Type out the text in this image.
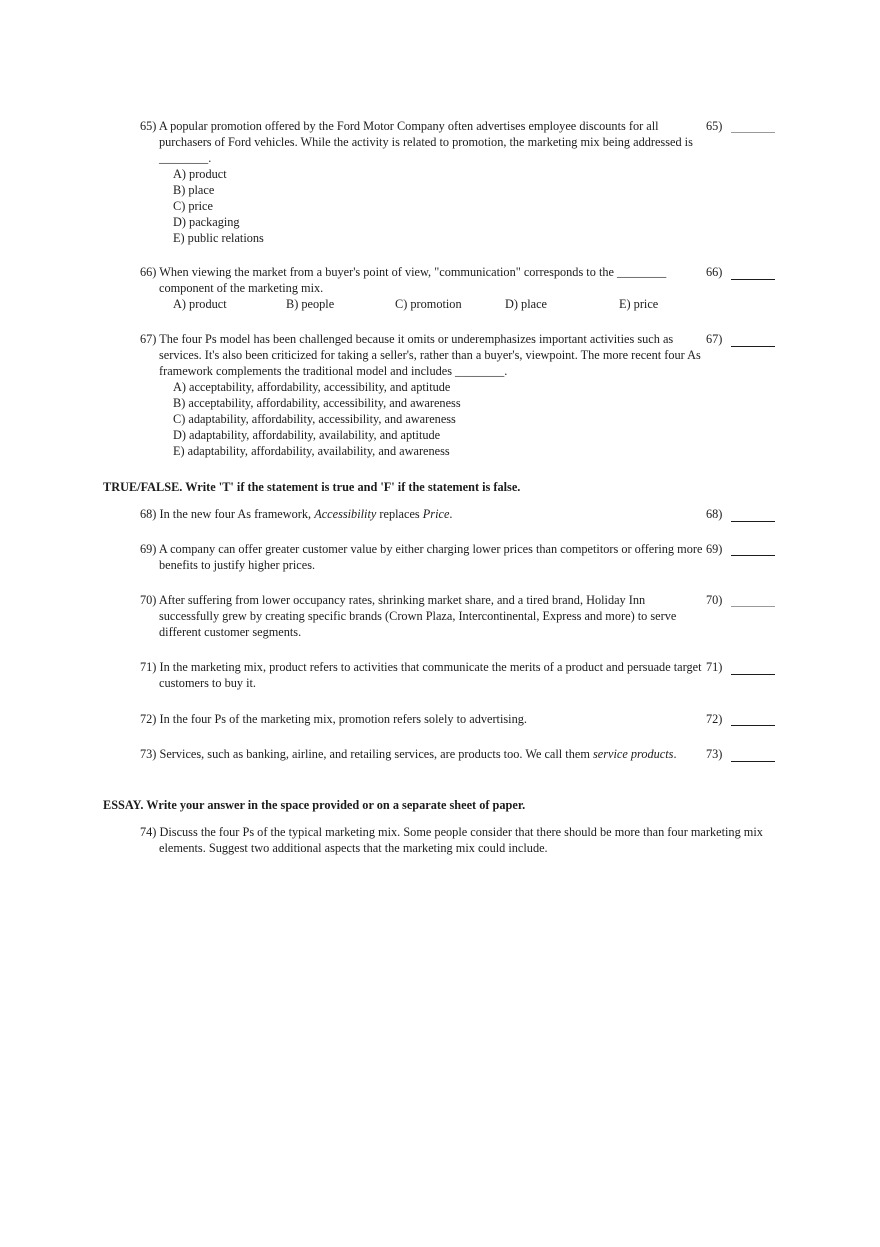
65) A popular promotion offered by the Ford Motor Company often advertises employee discounts for all purchasers of Ford vehicles. While the activity is related to promotion, the marketing mix being addressed is ________.
A) product
B) place
C) price
D) packaging
E) public relations
65)
66) When viewing the market from a buyer's point of view, "communication" corresponds to the ________ component of the marketing mix.
A) product	B) people	C) promotion	D) place	E) price
66)
67) The four Ps model has been challenged because it omits or underemphasizes important activities such as services. It's also been criticized for taking a seller's, rather than a buyer's, viewpoint. The more recent four As framework complements the traditional model and includes ________.
A) acceptability, affordability, accessibility, and aptitude
B) acceptability, affordability, accessibility, and awareness
C) adaptability, affordability, accessibility, and awareness
D) adaptability, affordability, availability, and aptitude
E) adaptability, affordability, availability, and awareness
67)
TRUE/FALSE. Write 'T' if the statement is true and 'F' if the statement is false.
68) In the new four As framework, Accessibility replaces Price.	68)
69) A company can offer greater customer value by either charging lower prices than competitors or offering more benefits to justify higher prices.
69)
70) After suffering from lower occupancy rates, shrinking market share, and a tired brand, Holiday Inn successfully grew by creating specific brands (Crown Plaza, Intercontinental, Express and more) to serve different customer segments.
70)
71) In the marketing mix, product refers to activities that communicate the merits of a product and persuade target customers to buy it.
71)
72) In the four Ps of the marketing mix, promotion refers solely to advertising.	72)
73) Services, such as banking, airline, and retailing services, are products too. We call them service products.	73)
ESSAY. Write your answer in the space provided or on a separate sheet of paper.
74) Discuss the four Ps of the typical marketing mix. Some people consider that there should be more than four marketing mix elements. Suggest two additional aspects that the marketing mix could include.
